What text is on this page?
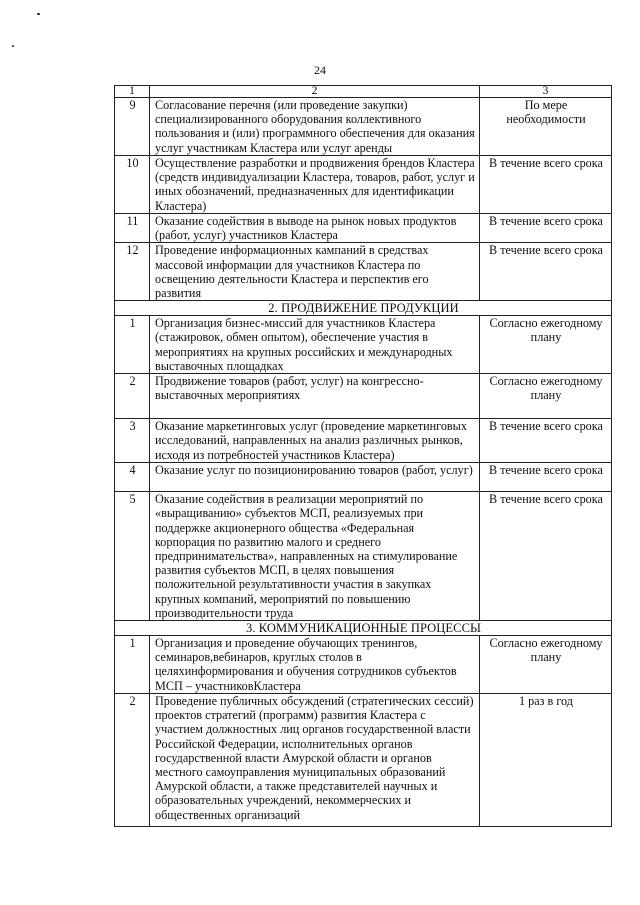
24
1	2	3
9	Согласование перечня (или проведение закупки) специализированного оборудования коллективного пользования и (или) программного обеспечения для оказания услуг участникам Кластера или услуг аренды	По мере необходимости
10	Осуществление разработки и продвижения брендов Кластера (средств индивидуализации Кластера, товаров, работ, услуг и иных обозначений, предназначенных для идентификации Кластера)	В течение всего срока
11	Оказание содействия в выводе на рынок новых продуктов (работ, услуг) участников Кластера	В течение всего срока
12	Проведение информационных кампаний в средствах массовой информации для участников Кластера по освещению деятельности Кластера и перспектив его развития	В течение всего срока
2. ПРОДВИЖЕНИЕ ПРОДУКЦИИ		
1	Организация бизнес-миссий для участников Кластера (стажировок, обмен опытом), обеспечение участия в мероприятиях на крупных российских и международных выставочных площадках	Согласно ежегодному плану
2	Продвижение товаров (работ, услуг) на конгрессно-выставочных мероприятиях	Согласно ежегодному плану
3	Оказание маркетинговых услуг (проведение маркетинговых исследований, направленных на анализ различных рынков, исходя из потребностей участников Кластера)	В течение всего срока
4	Оказание услуг по позиционированию товаров (работ, услуг)	В течение всего срока
5	Оказание содействия в реализации мероприятий по «выращиванию» субъектов МСП, реализуемых при поддержке акционерного общества «Федеральная корпорация по развитию малого и среднего предпринимательства», направленных на стимулирование развития субъектов МСП, в целях повышения положительной результативности участия в закупках крупных компаний, мероприятий по повышению производительности труда	В течение всего срока
3. КОММУНИКАЦИОННЫЕ ПРОЦЕССЫ		
1	Организация и проведение обучающих тренингов, семинаров,вебинаров, круглых столов в целяхинформирования и обучения сотрудников субъектов МСП – участниковКластера	Согласно ежегодному плану
2	Проведение публичных обсуждений (стратегических сессий) проектов стратегий (программ) развития Кластера с участием должностных лиц органов государственной власти Российской Федерации, исполнительных органов государственной власти Амурской области и органов местного самоуправления муниципальных образований Амурской области, а также представителей научных и образовательных учреждений, некоммерческих и общественных организаций	1 раз в год
